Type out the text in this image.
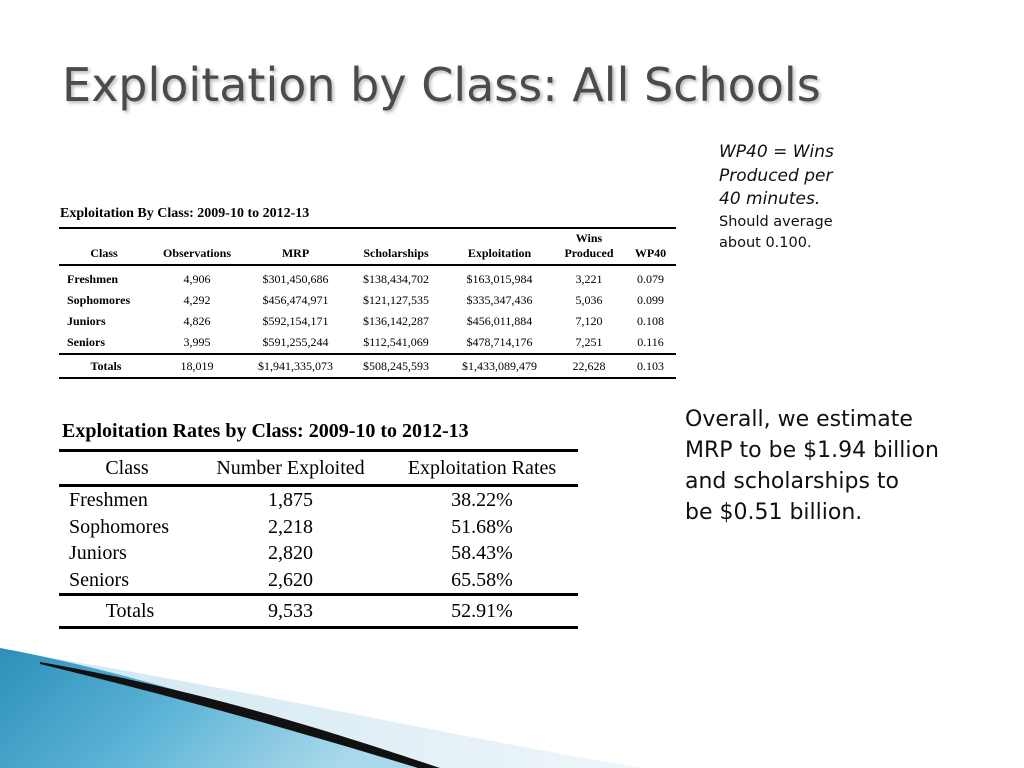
Exploitation by Class: All Schools
WP40 = Wins
Produced per
40 minutes.
Should average
about 0.100.
Overall, we estimate
MRP to be $1.94 billion
and scholarships to
be $0.51 billion.

Exploitation By Class: 2009-10 to 2012-13

Class	Observations	MRP	Scholarships	Exploitation	Wins Produced	WP40
Freshmen	4,906	$301,450,686	$138,434,702	$163,015,984	3,221	0.079
Sophomores	4,292	$456,474,971	$121,127,535	$335,347,436	5,036	0.099
Juniors	4,826	$592,154,171	$136,142,287	$456,011,884	7,120	0.108
Seniors	3,995	$591,255,244	$112,541,069	$478,714,176	7,251	0.116
Totals	18,019	$1,941,335,073	$508,245,593	$1,433,089,479	22,628	0.103

Exploitation Rates by Class: 2009-10 to 2012-13

Class	Number Exploited	Exploitation Rates
Freshmen	1,875	38.22%
Sophomores	2,218	51.68%
Juniors	2,820	58.43%
Seniors	2,620	65.58%
Totals	9,533	52.91%
